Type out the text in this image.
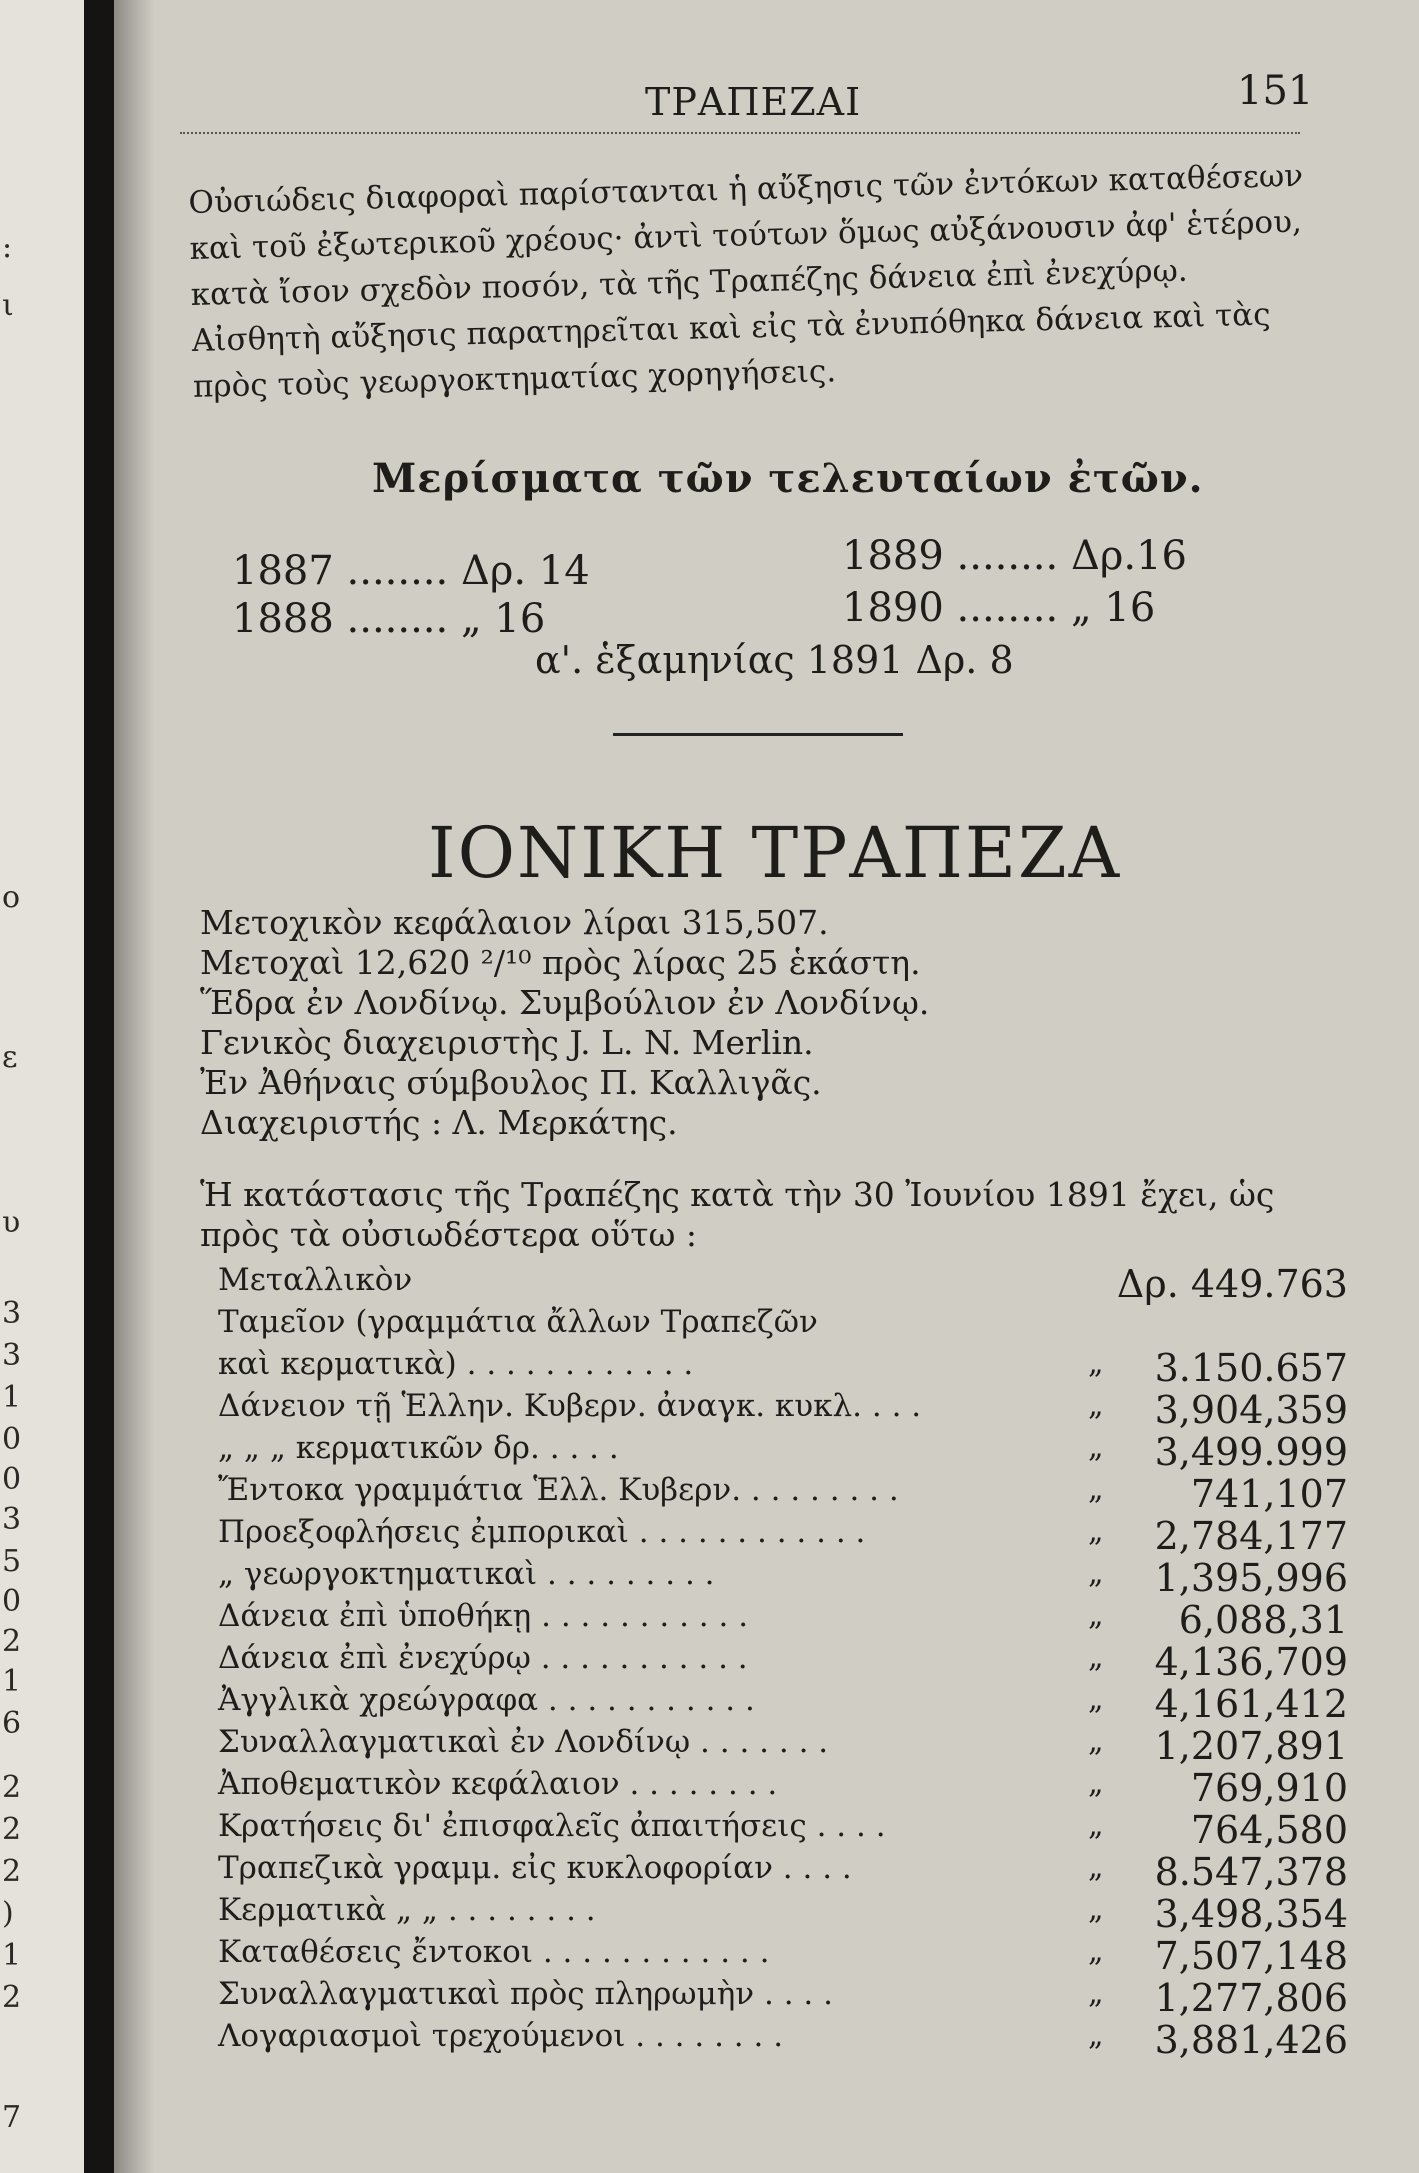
:
ι
ο
ε
υ
3
3
1
0
0
3
5
0
2
1
6
2
2
2
)
1
2
7
ΤΡΑΠΕΖΑΙ	151
Οὐσιώδεις διαφοραὶ παρίστανται ἡ αὔξησις τῶν ἐντόκων καταθέσεων
καὶ τοῦ ἐξωτερικοῦ χρέους· ἀντὶ τούτων ὅμως αὐξάνουσιν ἀφ' ἑτέρου,
κατὰ ἴσον σχεδὸν ποσόν, τὰ τῆς Τραπέζης δάνεια ἐπὶ ἐνεχύρῳ.
Αἰσθητὴ αὔξησις παρατηρεῖται καὶ εἰς τὰ ἐνυπόθηκα δάνεια καὶ τὰς
πρὸς τοὺς γεωργοκτηματίας χορηγήσεις.
Μερίσματα τῶν τελευταίων ἐτῶν.
1887 ........ Δρ. 14	1889 ........ Δρ.16
1888 ........ „ 16	1890 ........ „ 16
α'. ἑξαμηνίας 1891 Δρ. 8
ΙΟΝΙΚΗ ΤΡΑΠΕΖΑ
Μετοχικὸν κεφάλαιον λίραι 315,507.
Μετοχαὶ 12,620 ²/¹⁰ πρὸς λίρας 25 ἑκάστη.
Ἕδρα ἐν Λονδίνῳ. Συμβούλιον ἐν Λονδίνῳ.
Γενικὸς διαχειριστὴς J. L. N. Merlin.
Ἐν Ἀθήναις σύμβουλος Π. Καλλιγᾶς.
Διαχειριστής : Λ. Μερκάτης.
Ἡ κατάστασις τῆς Τραπέζης κατὰ τὴν 30 Ἰουνίου 1891 ἔχει, ὡς
πρὸς τὰ οὐσιωδέστερα οὕτω :
Μεταλλικὸν	Δρ. 449.763
Ταμεῖον (γραμμάτια ἄλλων Τραπεζῶν
καὶ κερματικὰ) . . . . . . . . . . . .	„ 3.150.657
Δάνειον τῇ Ἑλλην. Κυβερν. ἀναγκ. κυκλ. . . .	„ 3,904,359
„ „ „ κερματικῶν δρ. . . . .	„ 3,499.999
Ἔντοκα γραμμάτια Ἑλλ. Κυβερν. . . . . . . . .	„ 741,107
Προεξοφλήσεις ἐμπορικαὶ . . . . . . . . . . . .	„ 2,784,177
„ γεωργοκτηματικαὶ . . . . . . . . .	„ 1,395,996
Δάνεια ἐπὶ ὑποθήκῃ . . . . . . . . . . .	„ 6,088,31
Δάνεια ἐπὶ ἐνεχύρῳ . . . . . . . . . . .	„ 4,136,709
Ἀγγλικὰ χρεώγραφα . . . . . . . . . . .	„ 4,161,412
Συναλλαγματικαὶ ἐν Λονδίνῳ . . . . . . .	„ 1,207,891
Ἀποθεματικὸν κεφάλαιον . . . . . . . .	„ 769,910
Κρατήσεις δι' ἐπισφαλεῖς ἀπαιτήσεις . . . .	„ 764,580
Τραπεζικὰ γραμμ. εἰς κυκλοφορίαν . . . .	„ 8.547,378
Κερματικὰ „ „ . . . . . . . .	„ 3,498,354
Καταθέσεις ἔντοκοι . . . . . . . . . . . .	„ 7,507,148
Συναλλαγματικαὶ πρὸς πληρωμὴν . . . .	„ 1,277,806
Λογαριασμοὶ τρεχούμενοι . . . . . . . .	„ 3,881,426
